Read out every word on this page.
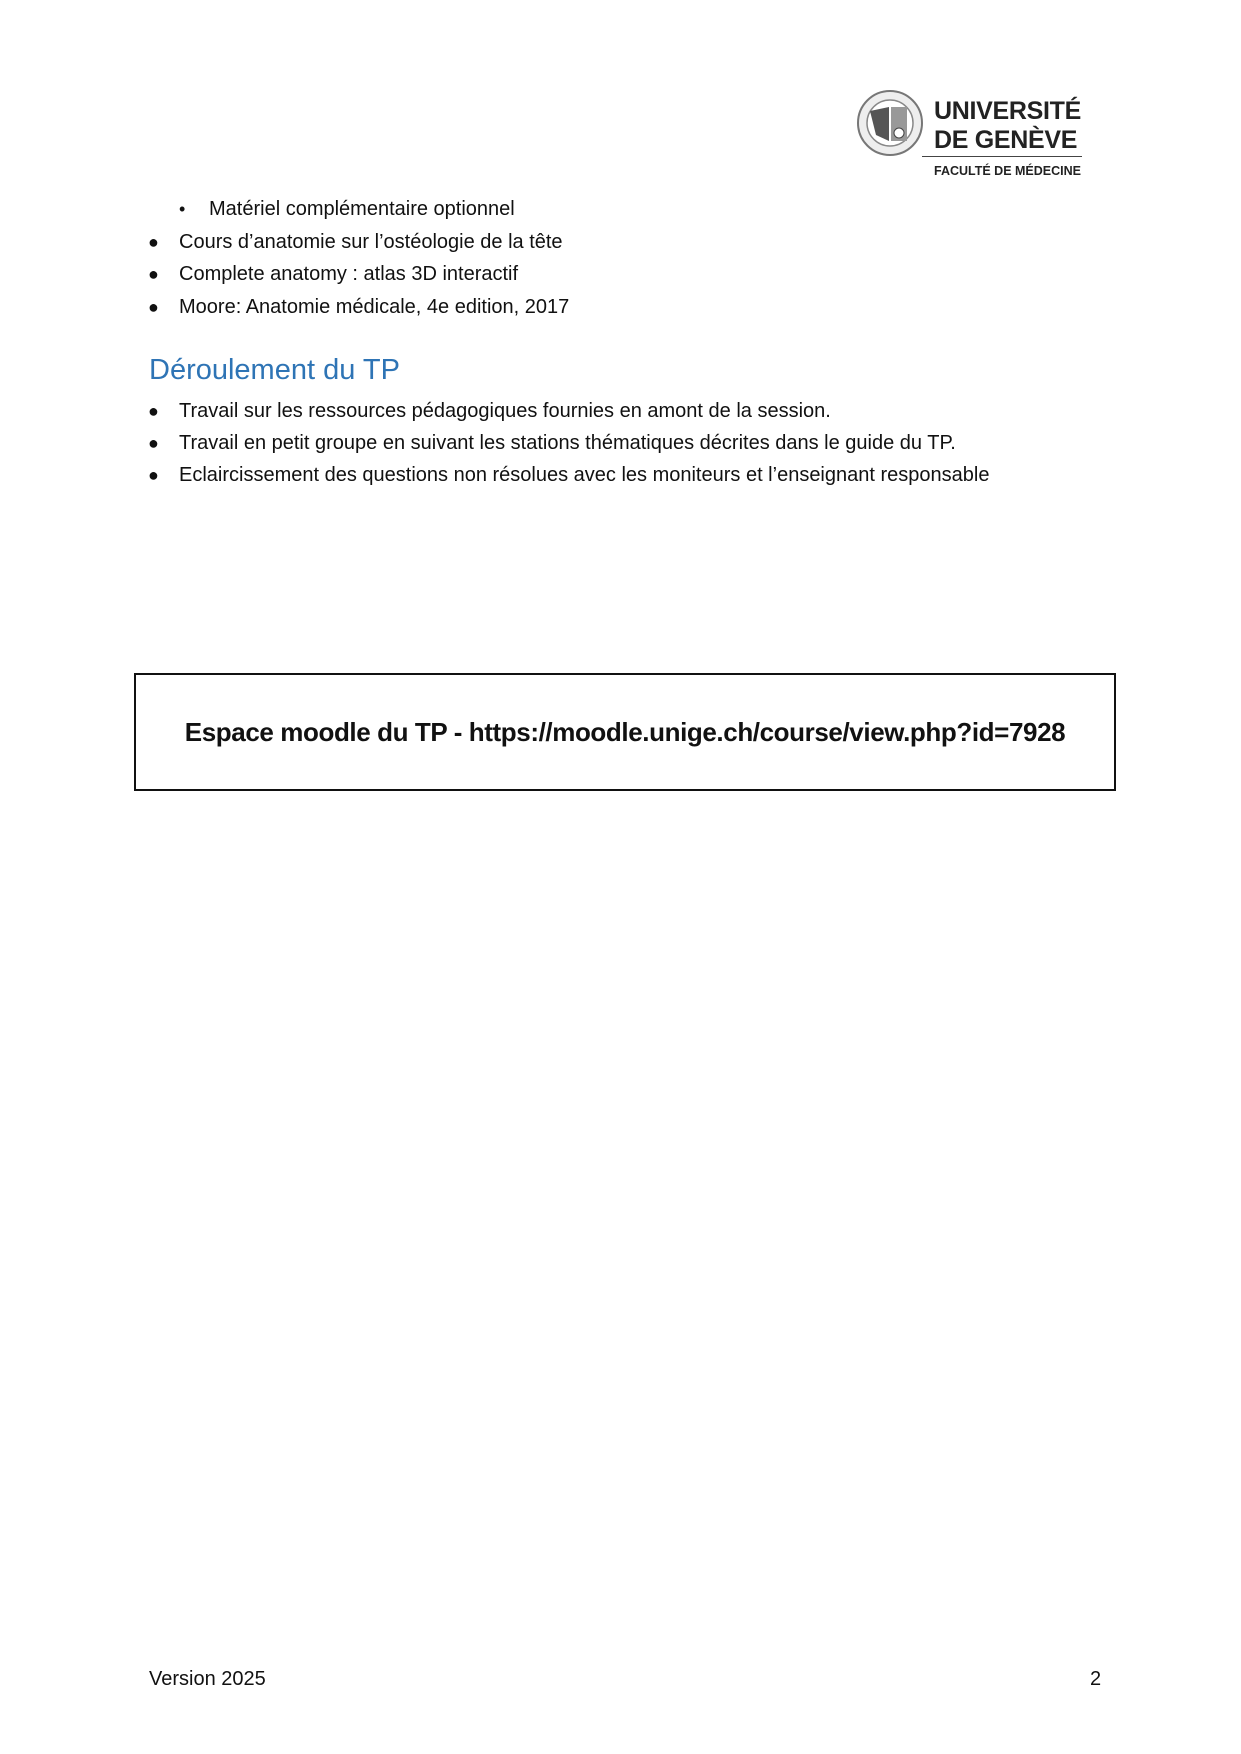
UNIVERSITÉ
DE GENÈVE
FACULTÉ DE MÉDECINE
• Matériel complémentaire optionnel
● Cours d’anatomie sur l’ostéologie de la tête
● Complete anatomy : atlas 3D interactif
● Moore: Anatomie médicale, 4e edition, 2017
Déroulement du TP
● Travail sur les ressources pédagogiques fournies en amont de la session.
● Travail en petit groupe en suivant les stations thématiques décrites dans le guide du TP.
● Eclaircissement des questions non résolues avec les moniteurs et l’enseignant responsable
Espace moodle du TP - https://moodle.unige.ch/course/view.php?id=7928
Version 2025	2
